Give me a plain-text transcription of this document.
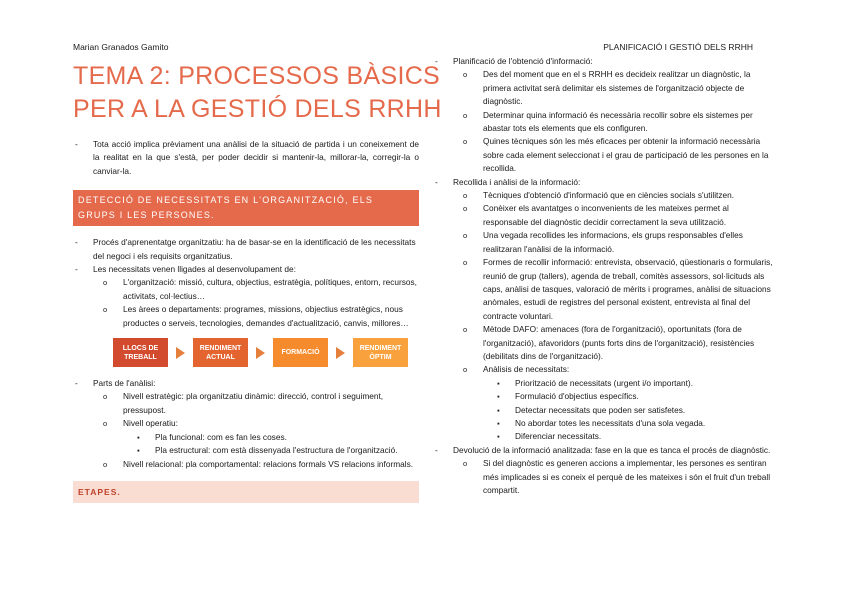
Marian Granados Gamito	PLANIFICACIÓ I GESTIÓ DELS RRHH
TEMA 2: PROCESSOS BÀSICS
PER A LA GESTIÓ DELS RRHH
- Tota acció implica prèviament una anàlisi de la situació de partida i un coneixement de la realitat en la que s'està, per poder decidir si mantenir-la, millorar-la, corregir-la o canviar-la.
DETECCIÓ DE NECESSITATS EN L'ORGANITZACIÓ, ELS GRUPS I LES PERSONES.
- Procés d'aprenentatge organitzatiu: ha de basar-se en la identificació de les necessitats del negoci i els requisits organitzatius.
- Les necessitats venen lligades al desenvolupament de:
o L'organització: missió, cultura, objectius, estratègia, polítiques, entorn, recursos, activitats, col·lectius…
o Les àrees o departaments: programes, missions, objectius estratègics, nous productes o serveis, tecnologies, demandes d'actualització, canvis, millores…
LLOCS DE TREBALL
RENDIMENT ACTUAL
FORMACIÓ
RENDIMENT ÒPTIM
- Parts de l'anàlisi:
o Nivell estratègic: pla organitzatiu dinàmic: direcció, control i seguiment, pressupost.
o Nivell operatiu:
▪ Pla funcional: com es fan les coses.
▪ Pla estructural: com està dissenyada l'estructura de l'organització.
o Nivell relacional: pla comportamental: relacions formals VS relacions informals.
ETAPES.
- Planificació de l'obtenció d'informació:
o Des del moment que en el s RRHH es decideix realitzar un diagnòstic, la primera activitat serà delimitar els sistemes de l'organització objecte de diagnòstic.
o Determinar quina informació és necessària recollir sobre els sistemes per abastar tots els elements que els configuren.
o Quines tècniques són les més eficaces per obtenir la informació necessària sobre cada element seleccionat i el grau de participació de les persones en la recollida.
- Recollida i anàlisi de la informació:
o Tècniques d'obtenció d'informació que en ciències socials s'utilitzen.
o Conèixer els avantatges o inconvenients de les mateixes permet al responsable del diagnòstic decidir correctament la seva utilització.
o Una vegada recollides les informacions, els grups responsables d'elles realitzaran l'anàlisi de la informació.
o Formes de recollir informació: entrevista, observació, qüestionaris o formularis, reunió de grup (tallers), agenda de treball, comitès assessors, sol·licituds als caps, anàlisi de tasques, valoració de mèrits i programes, anàlisi de situacions anòmales, estudi de registres del personal existent, entrevista al final del contracte voluntari.
o Mètode DAFO: amenaces (fora de l'organització), oportunitats (fora de l'organització), afavoridors (punts forts dins de l'organització), resistències (debilitats dins de l'organització).
o Anàlisis de necessitats:
▪ Priorització de necessitats (urgent i/o important).
▪ Formulació d'objectius específics.
▪ Detectar necessitats que poden ser satisfetes.
▪ No abordar totes les necessitats d'una sola vegada.
▪ Diferenciar necessitats.
- Devolució de la informació analitzada: fase en la que es tanca el procés de diagnòstic.
o Si del diagnòstic es generen accions a implementar, les persones es sentiran més implicades si es coneix el perquè de les mateixes i són el fruit d'un treball compartit.
